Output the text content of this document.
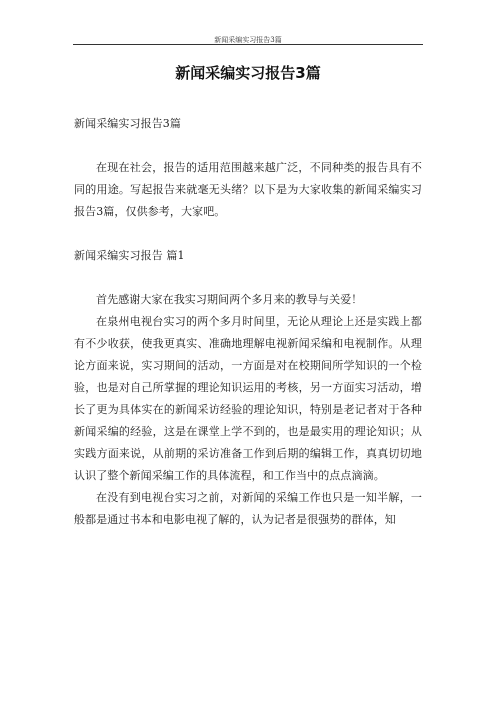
新闻采编实习报告3篇
新闻采编实习报告3篇

新闻采编实习报告3篇

在现在社会，报告的适用范围越来越广泛，不同种类的报告具有不同的用途。写起报告来就毫无头绪？以下是为大家收集的新闻采编实习报告3篇，仅供参考，大家吧。

新闻采编实习报告 篇1

首先感谢大家在我实习期间两个多月来的教导与关爱！

在泉州电视台实习的两个多月时间里，无论从理论上还是实践上都有不少收获，使我更真实、准确地理解电视新闻采编和电视制作。从理论方面来说，实习期间的活动，一方面是对在校期间所学知识的一个检验，也是对自己所掌握的理论知识运用的考核，另一方面实习活动，增长了更为具体实在的新闻采访经验的理论知识，特别是老记者对于各种新闻采编的经验，这是在课堂上学不到的，也是最实用的理论知识；从实践方面来说，从前期的采访准备工作到后期的编辑工作，真真切切地认识了整个新闻采编工作的具体流程，和工作当中的点点滴滴。

在没有到电视台实习之前，对新闻的采编工作也只是一知半解，一般都是通过书本和电影电视了解的，认为记者是很强势的群体，知
